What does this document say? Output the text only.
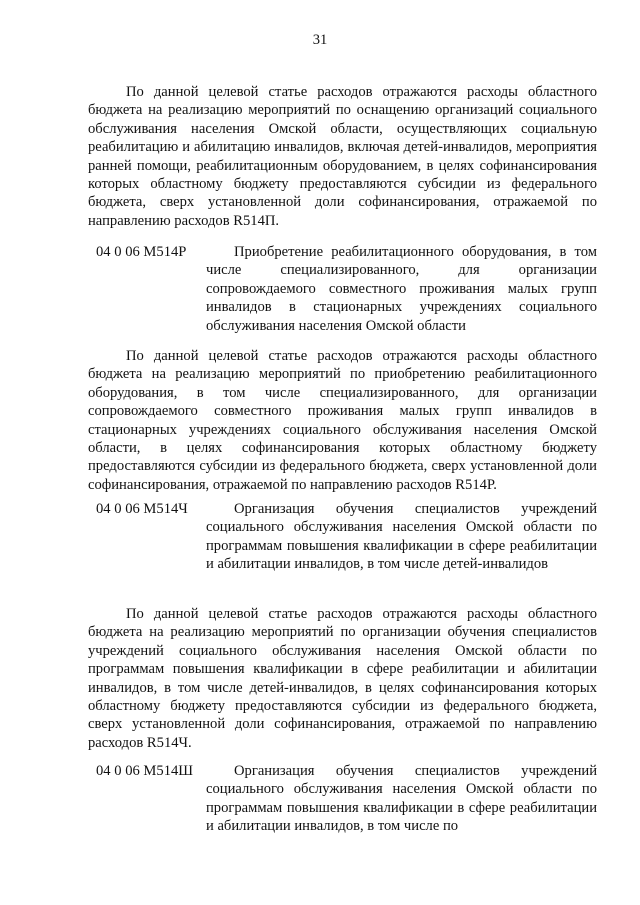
31

По данной целевой статье расходов отражаются расходы областного бюджета на реализацию мероприятий по оснащению организаций социального обслуживания населения Омской области, осуществляющих социальную реабилитацию и абилитацию инвалидов, включая детей-инвалидов, мероприятия ранней помощи, реабилитационным оборудованием, в целях софинансирования которых областному бюджету предоставляются субсидии из федерального бюджета, сверх установленной доли софинансирования, отражаемой по направлению расходов R514П.

04 0 06 M514Р	Приобретение реабилитационного оборудования, в том числе специализированного, для организации сопровождаемого совместного проживания малых групп инвалидов в стационарных учреждениях социального обслуживания населения Омской области

По данной целевой статье расходов отражаются расходы областного бюджета на реализацию мероприятий по приобретению реабилитационного оборудования, в том числе специализированного, для организации сопровождаемого совместного проживания малых групп инвалидов в стационарных учреждениях социального обслуживания населения Омской области, в целях софинансирования которых областному бюджету предоставляются субсидии из федерального бюджета, сверх установленной доли софинансирования, отражаемой по направлению расходов R514Р.

04 0 06 M514Ч	Организация обучения специалистов учреждений социального обслуживания населения Омской области по программам повышения квалификации в сфере реабилитации и абилитации инвалидов, в том числе детей-инвалидов

По данной целевой статье расходов отражаются расходы областного бюджета на реализацию мероприятий по организации обучения специалистов учреждений социального обслуживания населения Омской области по программам повышения квалификации в сфере реабилитации и абилитации инвалидов, в том числе детей-инвалидов, в целях софинансирования которых областному бюджету предоставляются субсидии из федерального бюджета, сверх установленной доли софинансирования, отражаемой по направлению расходов R514Ч.

04 0 06 M514Ш	Организация обучения специалистов учреждений социального обслуживания населения Омской области по программам повышения квалификации в сфере реабилитации и абилитации инвалидов, в том числе по
